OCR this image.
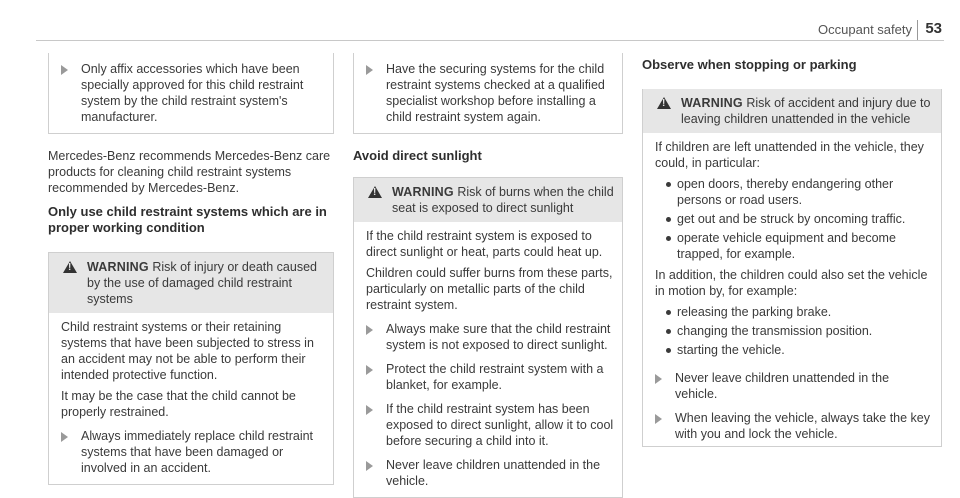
Occupant safety 53
Only affix accessories which have been specially approved for this child restraint system by the child restraint system's manufacturer.

Mercedes-Benz recommends Mercedes-Benz care products for cleaning child restraint systems recommended by Mercedes-Benz.

Only use child restraint systems which are in proper working condition

!
WARNING Risk of injury or death caused by the use of damaged child restraint systems

Child restraint systems or their retaining systems that have been subjected to stress in an accident may not be able to perform their intended protective function.

It may be the case that the child cannot be properly restrained.

Always immediately replace child restraint systems that have been damaged or involved in an accident.
Have the securing systems for the child restraint systems checked at a qualified specialist workshop before installing a child restraint system again.

Avoid direct sunlight

!
WARNING Risk of burns when the child seat is exposed to direct sunlight

If the child restraint system is exposed to direct sunlight or heat, parts could heat up.

Children could suffer burns from these parts, particularly on metallic parts of the child restraint system.

Always make sure that the child restraint system is not exposed to direct sunlight.
Protect the child restraint system with a blanket, for example.
If the child restraint system has been exposed to direct sunlight, allow it to cool before securing a child into it.
Never leave children unattended in the vehicle.

Observe when stopping or parking

!
WARNING Risk of accident and injury due to leaving children unattended in the vehicle

If children are left unattended in the vehicle, they could, in particular:

open doors, thereby endangering other persons or road users.
get out and be struck by oncoming traffic.
operate vehicle equipment and become trapped, for example.

In addition, the children could also set the vehicle in motion by, for example:

releasing the parking brake.
changing the transmission position.
starting the vehicle.
Never leave children unattended in the vehicle.
When leaving the vehicle, always take the key with you and lock the vehicle.
